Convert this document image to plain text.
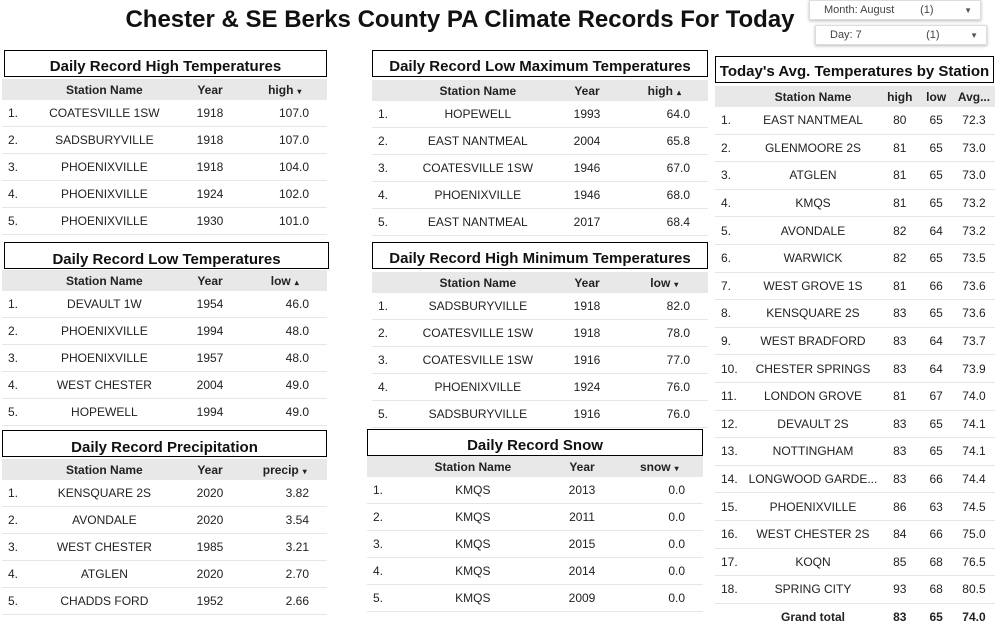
Chester & SE Berks County PA Climate Records For Today	Month: August	(1)	▼
Day: 7	(1)	▼
Daily Record High Temperatures
	Station Name	Year	high ▾
1.	COATESVILLE 1SW	1918	107.0
2.	SADSBURYVILLE	1918	107.0
3.	PHOENIXVILLE	1918	104.0
4.	PHOENIXVILLE	1924	102.0
5.	PHOENIXVILLE	1930	101.0
Daily Record Low Temperatures
	Station Name	Year	low ▴
1.	DEVAULT 1W	1954	46.0
2.	PHOENIXVILLE	1994	48.0
3.	PHOENIXVILLE	1957	48.0
4.	WEST CHESTER	2004	49.0
5.	HOPEWELL	1994	49.0
Daily Record Precipitation
	Station Name	Year	precip ▾
1.	KENSQUARE 2S	2020	3.82
2.	AVONDALE	2020	3.54
3.	WEST CHESTER	1985	3.21
4.	ATGLEN	2020	2.70
5.	CHADDS FORD	1952	2.66
Daily Record Low Maximum Temperatures
	Station Name	Year	high ▴
1.	HOPEWELL	1993	64.0
2.	EAST NANTMEAL	2004	65.8
3.	COATESVILLE 1SW	1946	67.0
4.	PHOENIXVILLE	1946	68.0
5.	EAST NANTMEAL	2017	68.4
Daily Record High Minimum Temperatures
	Station Name	Year	low ▾
1.	SADSBURYVILLE	1918	82.0
2.	COATESVILLE 1SW	1918	78.0
3.	COATESVILLE 1SW	1916	77.0
4.	PHOENIXVILLE	1924	76.0
5.	SADSBURYVILLE	1916	76.0
Daily Record Snow
	Station Name	Year	snow ▾
1.	KMQS	2013	0.0
2.	KMQS	2011	0.0
3.	KMQS	2015	0.0
4.	KMQS	2014	0.0
5.	KMQS	2009	0.0
Today's Avg. Temperatures by Station
	Station Name	high	low	Avg...
1.	EAST NANTMEAL	80	65	72.3
2.	GLENMOORE 2S	81	65	73.0
3.	ATGLEN	81	65	73.0
4.	KMQS	81	65	73.2
5.	AVONDALE	82	64	73.2
6.	WARWICK	82	65	73.5
7.	WEST GROVE 1S	81	66	73.6
8.	KENSQUARE 2S	83	65	73.6
9.	WEST BRADFORD	83	64	73.7
10.	CHESTER SPRINGS	83	64	73.9
11.	LONDON GROVE	81	67	74.0
12.	DEVAULT 2S	83	65	74.1
13.	NOTTINGHAM	83	65	74.1
14.	LONGWOOD GARDE...	83	66	74.4
15.	PHOENIXVILLE	86	63	74.5
16.	WEST CHESTER 2S	84	66	75.0
17.	KOQN	85	68	76.5
18.	SPRING CITY	93	68	80.5
	Grand total	83	65	74.0
